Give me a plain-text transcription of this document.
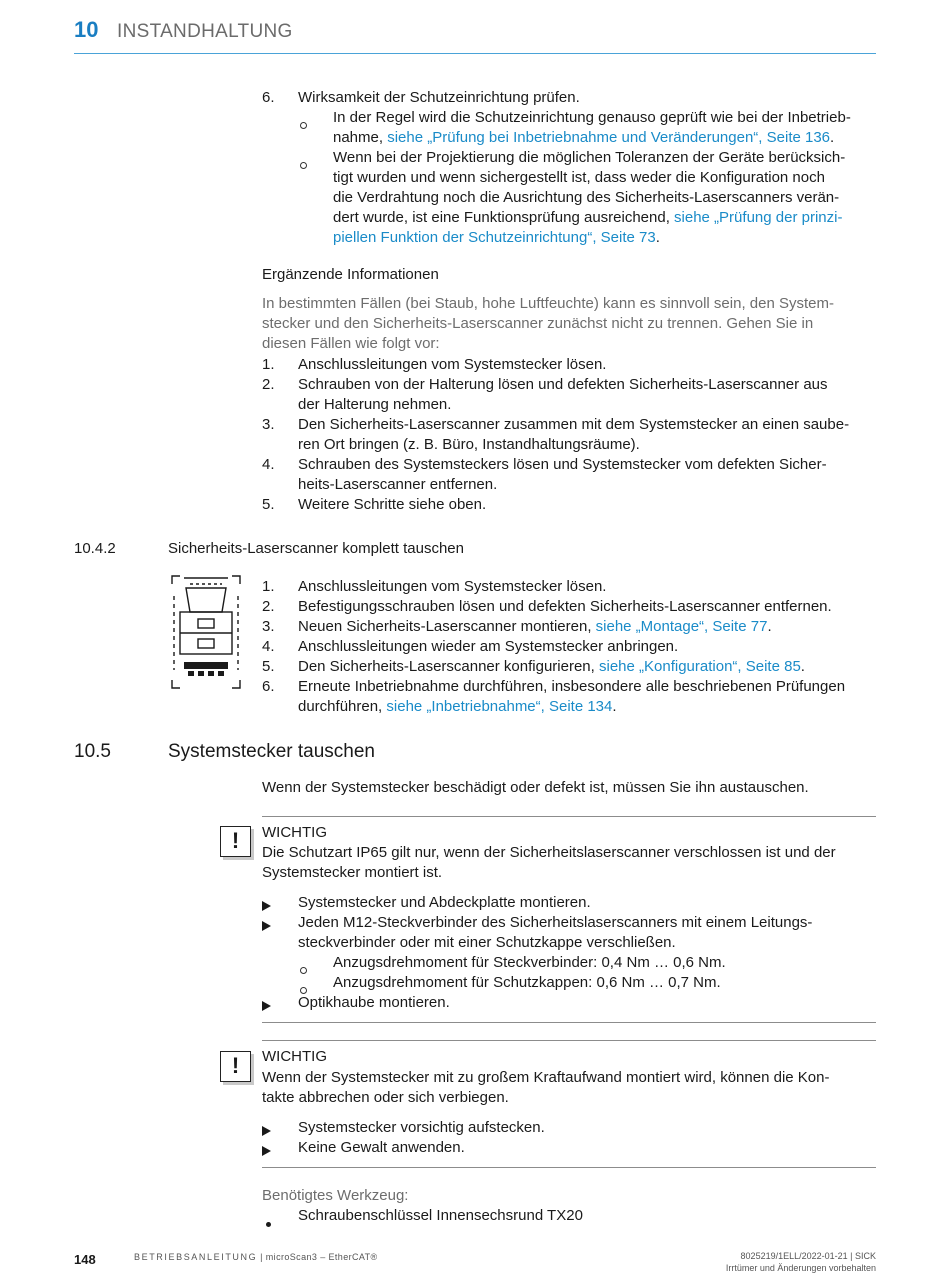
10 INSTANDHALTUNG
6. Wirksamkeit der Schutzeinrichtung prüfen.
In der Regel wird die Schutzeinrichtung genauso geprüft wie bei der Inbetrieb-
nahme, siehe „Prüfung bei Inbetriebnahme und Veränderungen“, Seite 136.
Wenn bei der Projektierung die möglichen Toleranzen der Geräte berücksich-
tigt wurden und wenn sichergestellt ist, dass weder die Konfiguration noch
die Verdrahtung noch die Ausrichtung des Sicherheits-Laserscanners verän-
dert wurde, ist eine Funktionsprüfung ausreichend, siehe „Prüfung der prinzi-
piellen Funktion der Schutzeinrichtung“, Seite 73.
Ergänzende Informationen
In bestimmten Fällen (bei Staub, hohe Luftfeuchte) kann es sinnvoll sein, den System-
stecker und den Sicherheits-Laserscanner zunächst nicht zu trennen. Gehen Sie in
diesen Fällen wie folgt vor:
1. Anschlussleitungen vom Systemstecker lösen.
2. Schrauben von der Halterung lösen und defekten Sicherheits-Laserscanner aus
der Halterung nehmen.
3. Den Sicherheits-Laserscanner zusammen mit dem Systemstecker an einen saube-
ren Ort bringen (z. B. Büro, Instandhaltungsräume).
4. Schrauben des Systemsteckers lösen und Systemstecker vom defekten Sicher-
heits-Laserscanner entfernen.
5. Weitere Schritte siehe oben.
10.4.2	Sicherheits-Laserscanner komplett tauschen
1. Anschlussleitungen vom Systemstecker lösen.
2. Befestigungsschrauben lösen und defekten Sicherheits-Laserscanner entfernen.
3. Neuen Sicherheits-Laserscanner montieren, siehe „Montage“, Seite 77.
4. Anschlussleitungen wieder am Systemstecker anbringen.
5. Den Sicherheits-Laserscanner konfigurieren, siehe „Konfiguration“, Seite 85.
6. Erneute Inbetriebnahme durchführen, insbesondere alle beschriebenen Prüfungen
durchführen, siehe „Inbetriebnahme“, Seite 134.
10.5	Systemstecker tauschen
Wenn der Systemstecker beschädigt oder defekt ist, müssen Sie ihn austauschen.
!	WICHTIG
Die Schutzart IP65 gilt nur, wenn der Sicherheitslaserscanner verschlossen ist und der
Systemstecker montiert ist.
Systemstecker und Abdeckplatte montieren.
Jeden M12-Steckverbinder des Sicherheitslaserscanners mit einem Leitungs-
steckverbinder oder mit einer Schutzkappe verschließen.
Anzugsdrehmoment für Steckverbinder: 0,4 Nm … 0,6 Nm.
Anzugsdrehmoment für Schutzkappen: 0,6 Nm … 0,7 Nm.
Optikhaube montieren.
!	WICHTIG
Wenn der Systemstecker mit zu großem Kraftaufwand montiert wird, können die Kon-
takte abbrechen oder sich verbiegen.
Systemstecker vorsichtig aufstecken.
Keine Gewalt anwenden.
Benötigtes Werkzeug:
Schraubenschlüssel Innensechsrund TX20
148	BETRIEBSANLEITUNG | microScan3 – EtherCAT®	8025219/1ELL/2022-01-21 | SICK
Irrtümer und Änderungen vorbehalten
